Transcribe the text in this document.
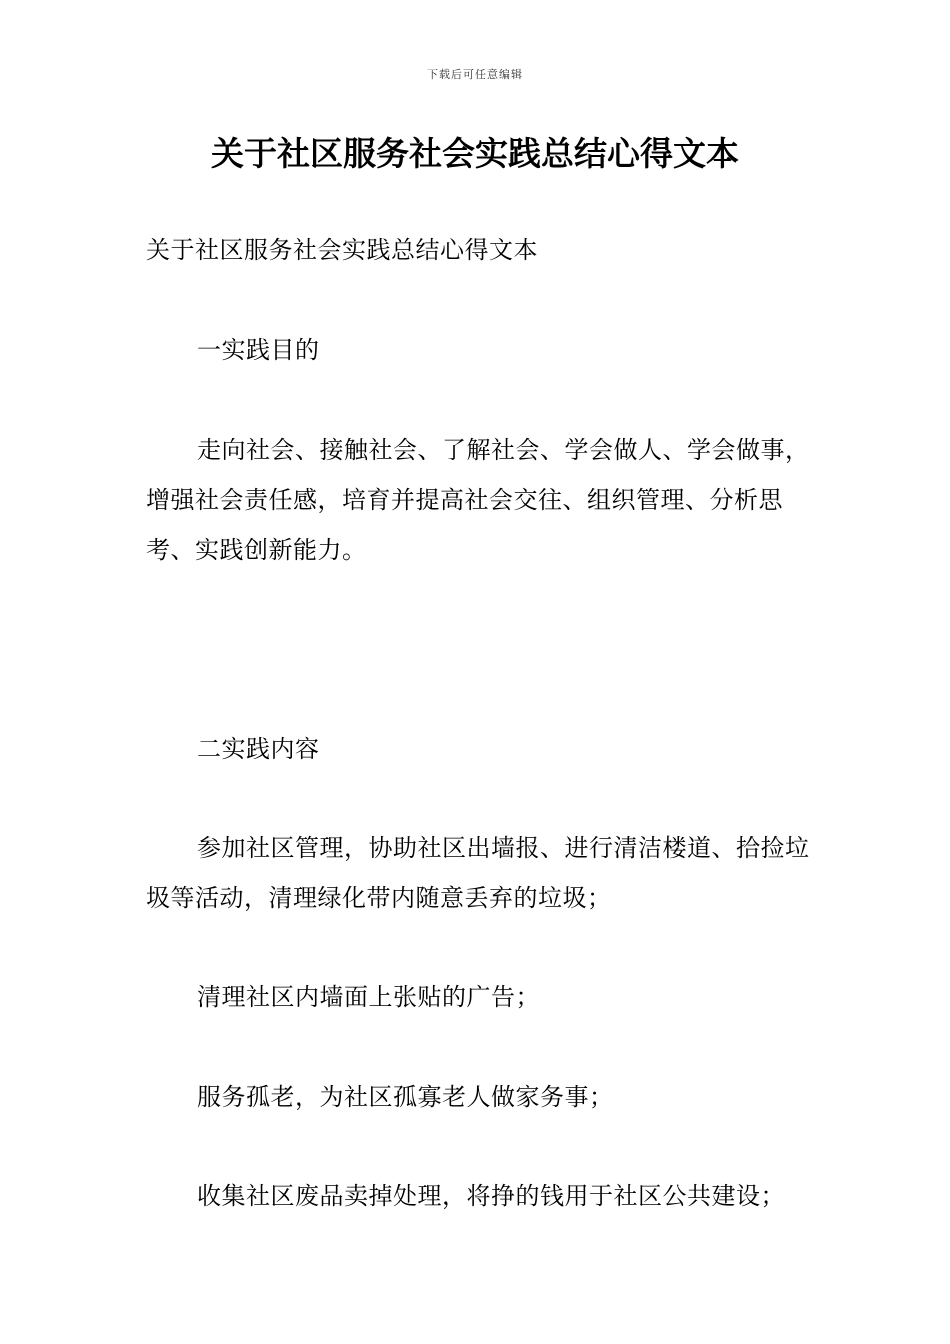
下载后可任意编辑
关于社区服务社会实践总结心得文本

关于社区服务社会实践总结心得文本

一实践目的

走向社会、接触社会、了解社会、学会做人、学会做事，增强社会责任感，培育并提高社会交往、组织管理、分析思考、实践创新能力。

二实践内容

参加社区管理，协助社区出墙报、进行清洁楼道、拾捡垃圾等活动，清理绿化带内随意丢弃的垃圾；

清理社区内墙面上张贴的广告；

服务孤老，为社区孤寡老人做家务事；

收集社区废品卖掉处理，将挣的钱用于社区公共建设；
